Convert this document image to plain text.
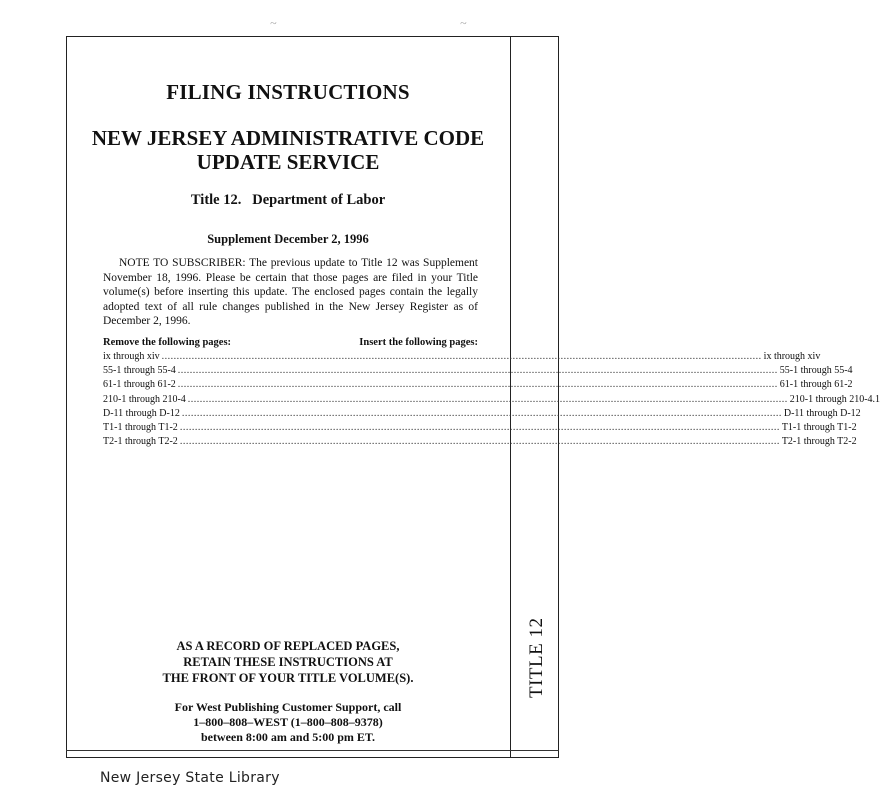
~	~
FILING INSTRUCTIONS
NEW JERSEY ADMINISTRATIVE CODE
UPDATE SERVICE
Title 12.   Department of Labor
Supplement December 2, 1996
NOTE TO SUBSCRIBER: The previous update to Title 12 was Supplement November 18, 1996. Please be certain that those pages are filed in your Title volume(s) before inserting this update. The enclosed pages contain the legally adopted text of all rule changes published in the New Jersey Register as of December 2, 1996.
Remove the following pages:	Insert the following pages:
ix through xiv ........................................................................................................................................................................................................ ix through xiv
55-1 through 55-4 ........................................................................................................................................................................................................ 55-1 through 55-4
61-1 through 61-2 ........................................................................................................................................................................................................ 61-1 through 61-2
210-1 through 210-4 ........................................................................................................................................................................................................ 210-1 through 210-4.1
D-11 through D-12 ........................................................................................................................................................................................................ D-11 through D-12
T1-1 through T1-2 ........................................................................................................................................................................................................ T1-1 through T1-2
T2-1 through T2-2 ........................................................................................................................................................................................................ T2-1 through T2-2
AS A RECORD OF REPLACED PAGES,
RETAIN THESE INSTRUCTIONS AT
THE FRONT OF YOUR TITLE VOLUME(S).
For West Publishing Customer Support, call
1–800–808–WEST (1–800–808–9378)
between 8:00 am and 5:00 pm ET.
TITLE 12
New Jersey State Library
